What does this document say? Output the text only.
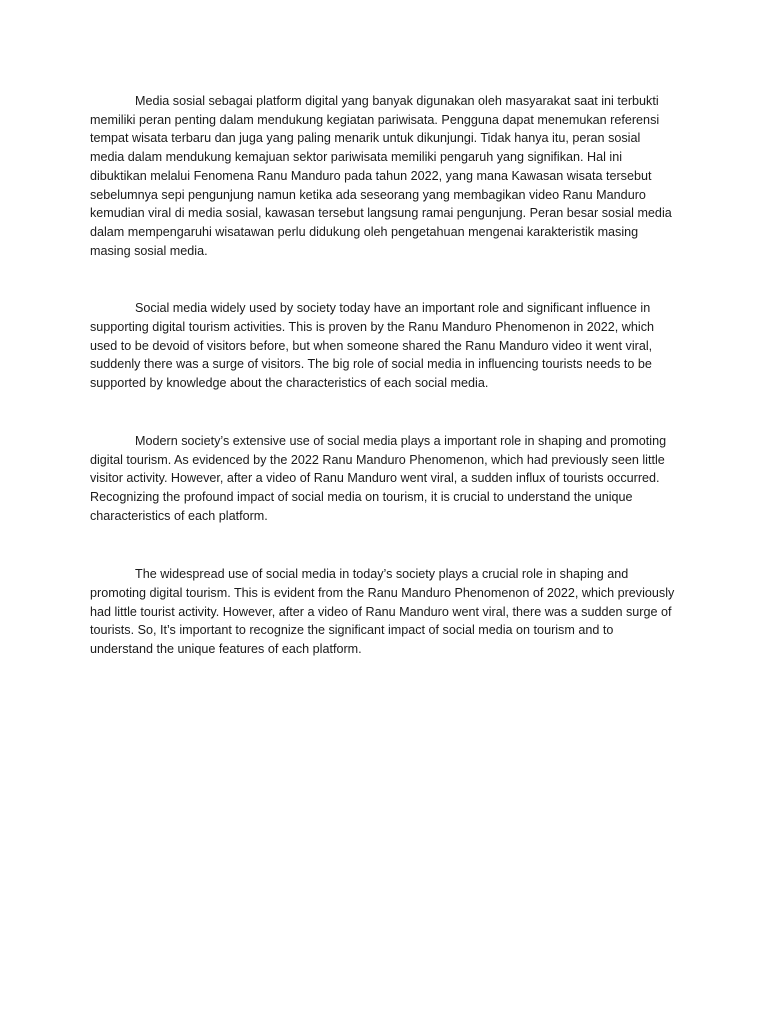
Media sosial sebagai platform digital yang banyak digunakan oleh masyarakat saat ini terbukti memiliki peran penting dalam mendukung kegiatan pariwisata. Pengguna dapat menemukan referensi tempat wisata terbaru dan juga yang paling menarik untuk dikunjungi. Tidak hanya itu, peran sosial media dalam mendukung kemajuan sektor pariwisata memiliki pengaruh yang signifikan. Hal ini dibuktikan melalui Fenomena Ranu Manduro pada tahun 2022, yang mana Kawasan wisata tersebut sebelumnya sepi pengunjung namun ketika ada seseorang yang membagikan video Ranu Manduro kemudian viral di media sosial, kawasan tersebut langsung ramai pengunjung. Peran besar sosial media dalam mempengaruhi wisatawan perlu didukung oleh pengetahuan mengenai karakteristik masing masing sosial media.

Social media widely used by society today have an important role and significant influence in supporting digital tourism activities. This is proven by the Ranu Manduro Phenomenon in 2022, which used to be devoid of visitors before, but when someone shared the Ranu Manduro video it went viral, suddenly there was a surge of visitors. The big role of social media in influencing tourists needs to be supported by knowledge about the characteristics of each social media.

Modern society’s extensive use of social media plays a important role in shaping and promoting digital tourism. As evidenced by the 2022 Ranu Manduro Phenomenon, which had previously seen little visitor activity. However, after a video of Ranu Manduro went viral, a sudden influx of tourists occurred. Recognizing the profound impact of social media on tourism, it is crucial to understand the unique characteristics of each platform.

The widespread use of social media in today’s society plays a crucial role in shaping and promoting digital tourism. This is evident from the Ranu Manduro Phenomenon of 2022, which previously had little tourist activity. However, after a video of Ranu Manduro went viral, there was a sudden surge of tourists. So, It’s important to recognize the significant impact of social media on tourism and to understand the unique features of each platform.
